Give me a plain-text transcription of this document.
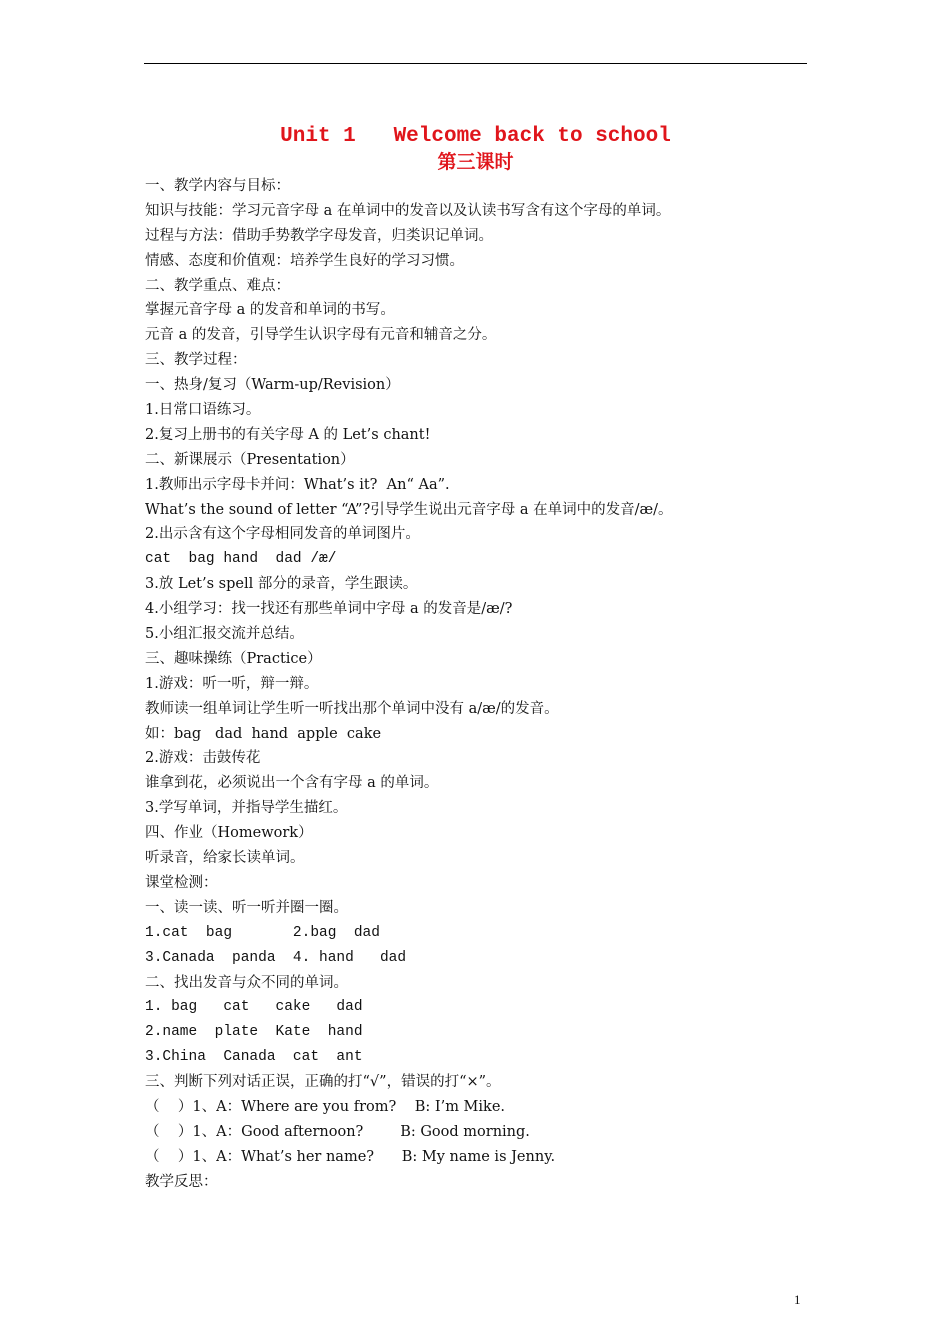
Unit 1   Welcome back to school
第三课时
一、教学内容与目标：
知识与技能：学习元音字母 a 在单词中的发音以及认读书写含有这个字母的单词。
过程与方法：借助手势教学字母发音，归类识记单词。
情感、态度和价值观：培养学生良好的学习习惯。
二、教学重点、难点：
掌握元音字母 a 的发音和单词的书写。
元音 a 的发音，引导学生认识字母有元音和辅音之分。
三、教学过程：
一、热身/复习（Warm-up/Revision）
1.日常口语练习。
2.复习上册书的有关字母 A 的 Let’s chant!
二、新课展示（Presentation）
1.教师出示字母卡并问：What’s it?  An“ Aa”.
What’s the sound of letter “A”?引导学生说出元音字母 a 在单词中的发音/æ/。
2.出示含有这个字母相同发音的单词图片。
cat  bag hand  dad /æ/
3.放 Let’s spell 部分的录音，学生跟读。
4.小组学习：找一找还有那些单词中字母 a 的发音是/æ/?
5.小组汇报交流并总结。
三、趣味操练（Practice）
1.游戏：听一听，辩一辩。
教师读一组单词让学生听一听找出那个单词中没有 a/æ/的发音。
如：bag   dad  hand  apple  cake
2.游戏：击鼓传花
谁拿到花，必须说出一个含有字母 a 的单词。
3.学写单词，并指导学生描红。
四、作业（Homework）
听录音，给家长读单词。
课堂检测：
一、读一读、听一听并圈一圈。
1.cat  bag       2.bag  dad
3.Canada  panda  4. hand   dad
二、找出发音与众不同的单词。
1. bag   cat   cake   dad
2.name  plate  Kate  hand
3.China  Canada  cat  ant
三、判断下列对话正误，正确的打“√”，错误的打“×”。
（    ）1、A：Where are you from?    B: I’m Mike.
（    ）1、A：Good afternoon?        B: Good morning.
（    ）1、A：What’s her name?      B: My name is Jenny.
教学反思：
1
